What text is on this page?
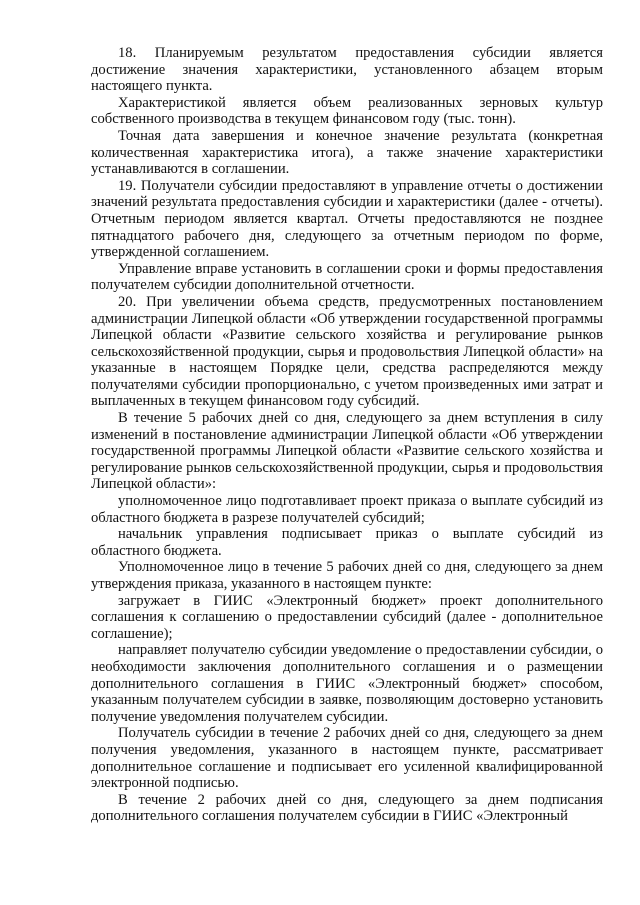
18. Планируемым результатом предоставления субсидии является достижение значения характеристики, установленного абзацем вторым настоящего пункта.

Характеристикой является объем реализованных зерновых культур собственного производства в текущем финансовом году (тыс. тонн).

Точная дата завершения и конечное значение результата (конкретная количественная характеристика итога), а также значение характеристики устанавливаются в соглашении.

19. Получатели субсидии предоставляют в управление отчеты о достижении значений результата предоставления субсидии и характеристики (далее - отчеты). Отчетным периодом является квартал. Отчеты предоставляются не позднее пятнадцатого рабочего дня, следующего за отчетным периодом по форме, утвержденной соглашением.

Управление вправе установить в соглашении сроки и формы предоставления получателем субсидии дополнительной отчетности.

20. При увеличении объема средств, предусмотренных постановлением администрации Липецкой области «Об утверждении государственной программы Липецкой области «Развитие сельского хозяйства и регулирование рынков сельскохозяйственной продукции, сырья и продовольствия Липецкой области» на указанные в настоящем Порядке цели, средства распределяются между получателями субсидии пропорционально, с учетом произведенных ими затрат и выплаченных в текущем финансовом году субсидий.

В течение 5 рабочих дней со дня, следующего за днем вступления в силу изменений в постановление администрации Липецкой области «Об утверждении государственной программы Липецкой области «Развитие сельского хозяйства и регулирование рынков сельскохозяйственной продукции, сырья и продовольствия Липецкой области»:

уполномоченное лицо подготавливает проект приказа о выплате субсидий из областного бюджета в разрезе получателей субсидий;

начальник управления подписывает приказ о выплате субсидий из областного бюджета.

Уполномоченное лицо в течение 5 рабочих дней со дня, следующего за днем утверждения приказа, указанного в настоящем пункте:

загружает в ГИИС «Электронный бюджет» проект дополнительного соглашения к соглашению о предоставлении субсидий (далее - дополнительное соглашение);

направляет получателю субсидии уведомление о предоставлении субсидии, о необходимости заключения дополнительного соглашения и о размещении дополнительного соглашения в ГИИС «Электронный бюджет» способом, указанным получателем субсидии в заявке, позволяющим достоверно установить получение уведомления получателем субсидии.

Получатель субсидии в течение 2 рабочих дней со дня, следующего за днем получения уведомления, указанного в настоящем пункте, рассматривает дополнительное соглашение и подписывает его усиленной квалифицированной электронной подписью.

В течение 2 рабочих дней со дня, следующего за днем подписания дополнительного соглашения получателем субсидии в ГИИС «Электронный
